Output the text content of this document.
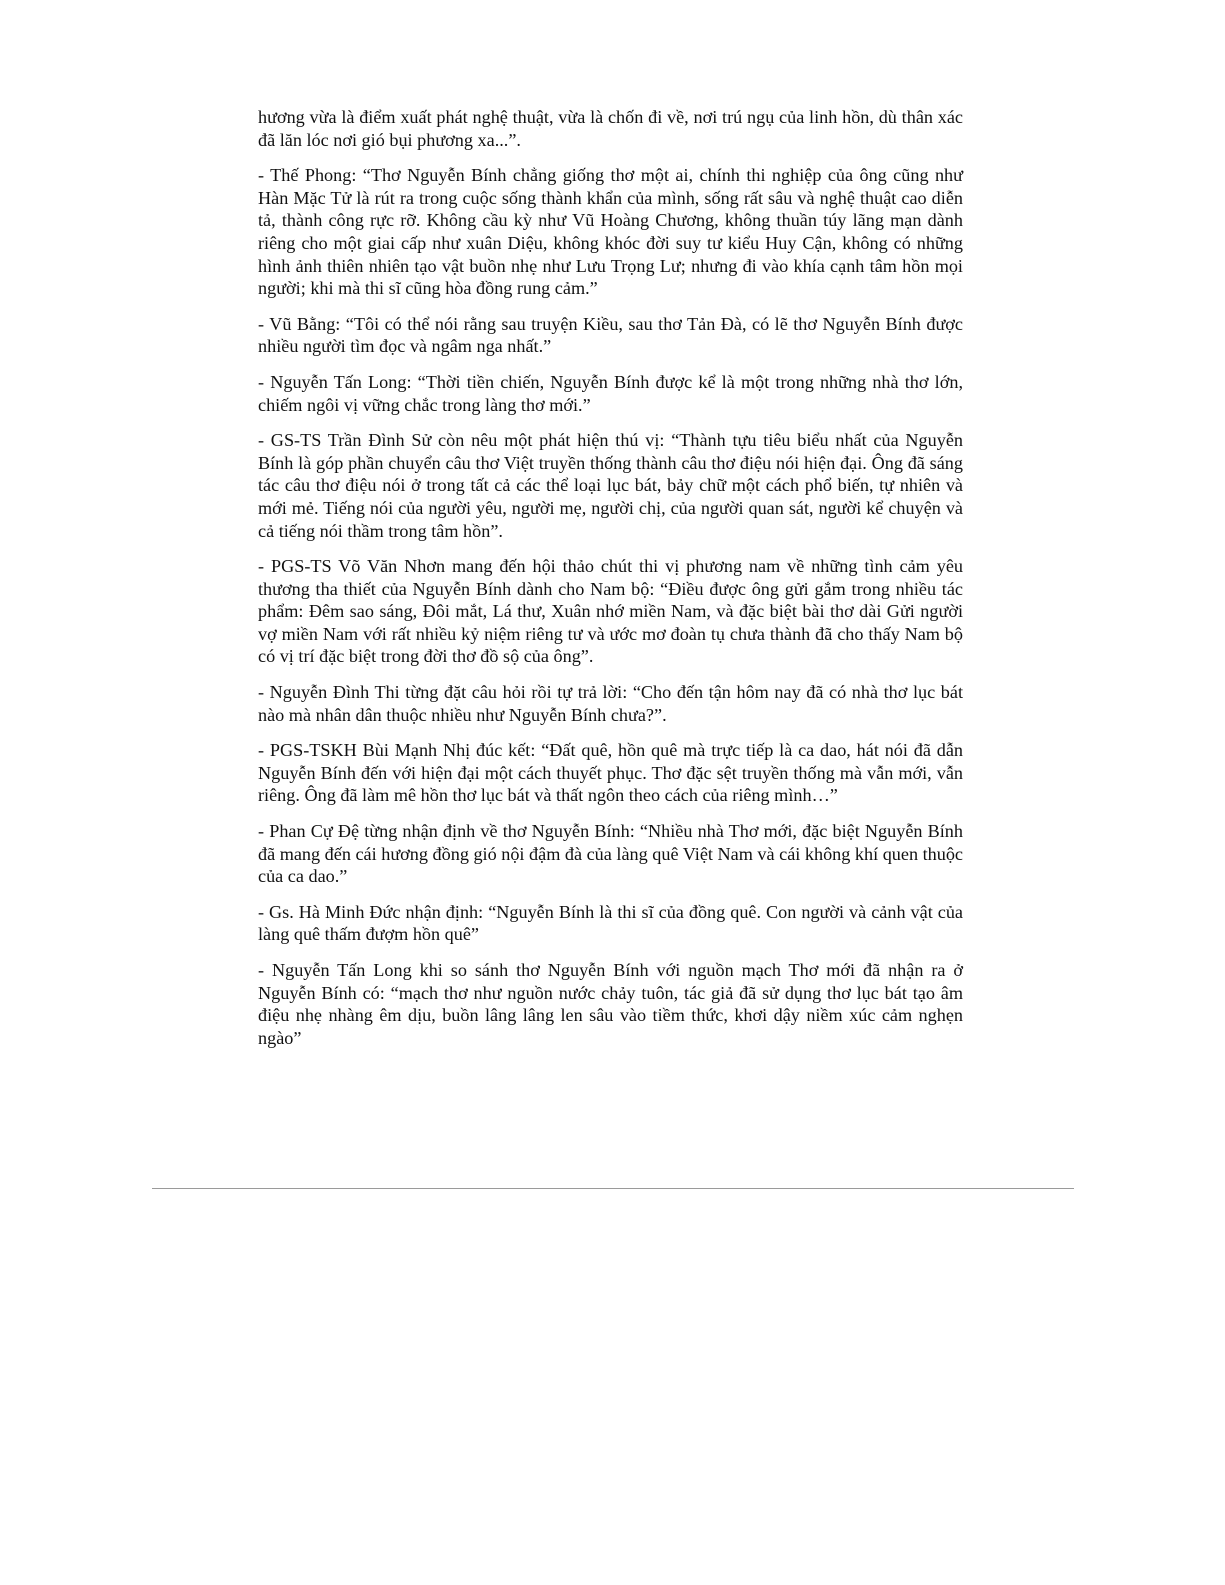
hương vừa là điểm xuất phát nghệ thuật, vừa là chốn đi về, nơi trú ngụ của linh hồn, dù thân xác đã lăn lóc nơi gió bụi phương xa...”.

- Thế Phong: “Thơ Nguyễn Bính chẳng giống thơ một ai, chính thi nghiệp của ông cũng như Hàn Mặc Tử là rút ra trong cuộc sống thành khẩn của mình, sống rất sâu và nghệ thuật cao diễn tả, thành công rực rỡ. Không cầu kỳ như Vũ Hoàng Chương, không thuần túy lãng mạn dành riêng cho một giai cấp như xuân Diệu, không khóc đời suy tư kiểu Huy Cận, không có những hình ảnh thiên nhiên tạo vật buồn nhẹ như Lưu Trọng Lư; nhưng đi vào khía cạnh tâm hồn mọi người; khi mà thi sĩ cũng hòa đồng rung cảm.”

- Vũ Bằng: “Tôi có thể nói rằng sau truyện Kiều, sau thơ Tản Đà, có lẽ thơ Nguyễn Bính được nhiều người tìm đọc và ngâm nga nhất.”

- Nguyễn Tấn Long: “Thời tiền chiến, Nguyễn Bính được kể là một trong những nhà thơ lớn, chiếm ngôi vị vững chắc trong làng thơ mới.”

- GS-TS Trần Đình Sử còn nêu một phát hiện thú vị: “Thành tựu tiêu biểu nhất của Nguyễn Bính là góp phần chuyển câu thơ Việt truyền thống thành câu thơ điệu nói hiện đại. Ông đã sáng tác câu thơ điệu nói ở trong tất cả các thể loại lục bát, bảy chữ một cách phổ biến, tự nhiên và mới mẻ. Tiếng nói của người yêu, người mẹ, người chị, của người quan sát, người kể chuyện và cả tiếng nói thầm trong tâm hồn”.

- PGS-TS Võ Văn Nhơn mang đến hội thảo chút thi vị phương nam về những tình cảm yêu thương tha thiết của Nguyễn Bính dành cho Nam bộ: “Điều được ông gửi gắm trong nhiều tác phẩm: Đêm sao sáng, Đôi mắt, Lá thư, Xuân nhớ miền Nam, và đặc biệt bài thơ dài Gửi người vợ miền Nam với rất nhiều kỷ niệm riêng tư và ước mơ đoàn tụ chưa thành đã cho thấy Nam bộ có vị trí đặc biệt trong đời thơ đồ sộ của ông”.

- Nguyễn Đình Thi từng đặt câu hỏi rồi tự trả lời: “Cho đến tận hôm nay đã có nhà thơ lục bát nào mà nhân dân thuộc nhiều như Nguyễn Bính chưa?”.

- PGS-TSKH Bùi Mạnh Nhị đúc kết: “Đất quê, hồn quê mà trực tiếp là ca dao, hát nói đã dẫn Nguyễn Bính đến với hiện đại một cách thuyết phục. Thơ đặc sệt truyền thống mà vẫn mới, vẫn riêng. Ông đã làm mê hồn thơ lục bát và thất ngôn theo cách của riêng mình…”

- Phan Cự Đệ từng nhận định về thơ Nguyễn Bính: “Nhiều nhà Thơ mới, đặc biệt Nguyễn Bính đã mang đến cái hương đồng gió nội đậm đà của làng quê Việt Nam và cái không khí quen thuộc của ca dao.”

- Gs. Hà Minh Đức nhận định: “Nguyễn Bính là thi sĩ của đồng quê. Con người và cảnh vật của làng quê thấm đượm hồn quê”

- Nguyễn Tấn Long khi so sánh thơ Nguyễn Bính với nguồn mạch Thơ mới đã nhận ra ở Nguyễn Bính có: “mạch thơ như nguồn nước chảy tuôn, tác giả đã sử dụng thơ lục bát tạo âm điệu nhẹ nhàng êm dịu, buồn lâng lâng len sâu vào tiềm thức, khơi dậy niềm xúc cảm nghẹn ngào”
